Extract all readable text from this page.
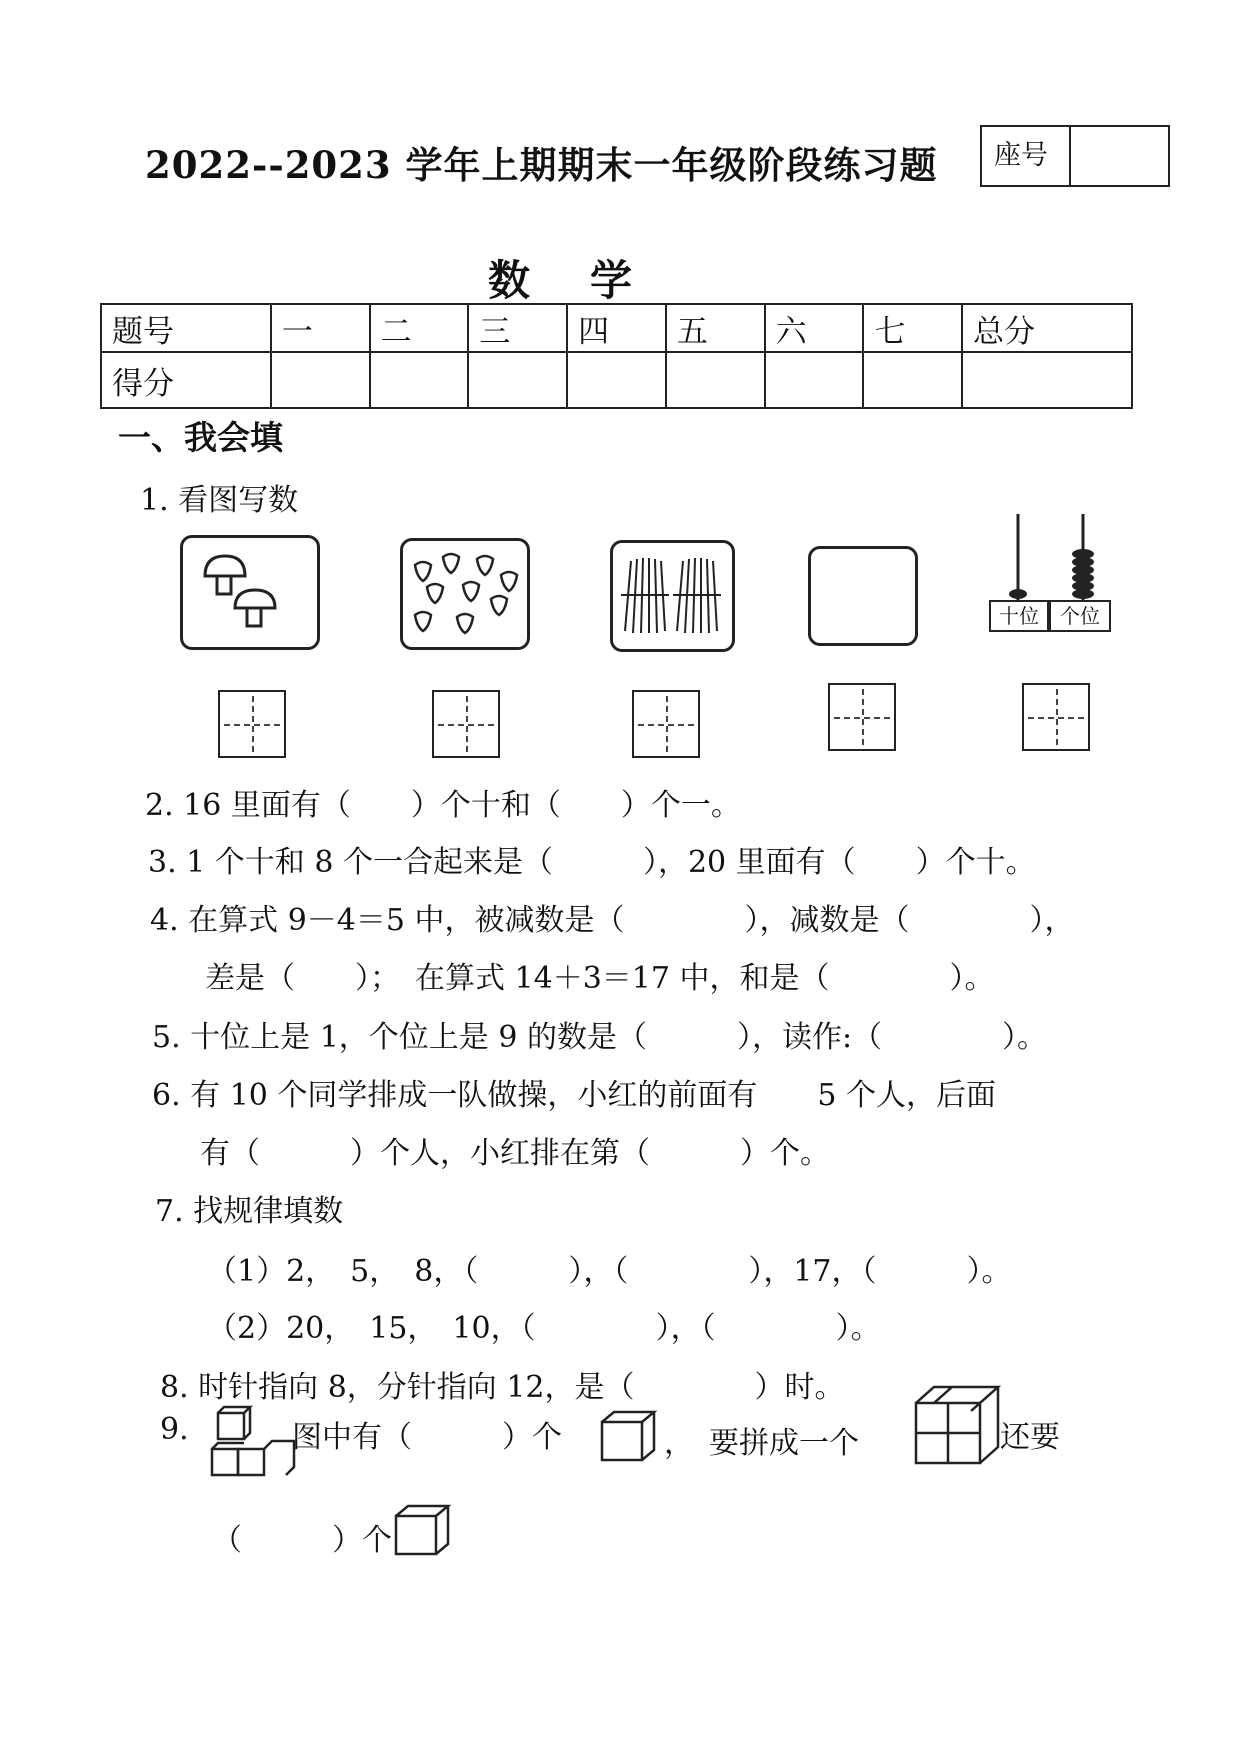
2022--2023 学年上期期末一年级阶段练习题	座号
数学
题号	一	二	三	四	五	六	七	总分
得分								
一、我会填
1. 看图写数
十位	个位
2. 16 里面有（　　）个十和（　　）个一。
3. 1 个十和 8 个一合起来是（　　　），20 里面有（　　）个十。
4. 在算式 9－4＝5 中，被减数是（　　　　），减数是（　　　　），
差是（　　）；　在算式 14＋3＝17 中，和是（　　　　）。
5. 十位上是 1，个位上是 9 的数是（　　　），读作:（　　　　）。
6. 有 10 个同学排成一队做操，小红的前面有　　5 个人，后面
有（　　　）个人，小红排在第（　　　）个。
7. 找规律填数
（1）2，　5，　8，（　　　），（　　　　），17，（　　　）。
（2）20，　15，　10，（　　　　），（　　　　）。
8. 时针指向 8，分针指向 12，是（　　　　）时。
9.	图中有（　　　）个	，　要拼成一个	还要
（　　　）个
